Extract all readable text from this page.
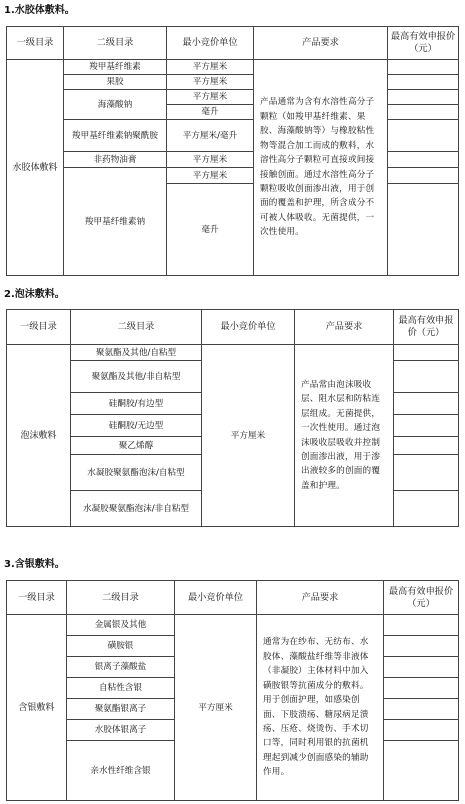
1.水胶体敷料。
一级目录	二级目录	最小竞价单位	产品要求	最高有效申报价（元）
水胶体敷料	羧甲基纤维素	平方厘米	产品通常为含有水溶性高分子颗粒（如羧甲基纤维素、果胶、海藻酸钠等）与橡胶粘性物等混合加工而成的敷料，水溶性高分子颗粒可直接或间接接触创面。通过水溶性高分子颗粒吸收创面渗出液，用于创面的覆盖和护理，所含成分不可被人体吸收。无菌提供，一次性使用。	
	果胶	平方厘米		
	海藻酸钠	平方厘米		
		毫升		
	羧甲基纤维素钠聚酰胺	平方厘米/毫升		
	非药物油膏	平方厘米		
	羧甲基纤维素钠	平方厘米		
		毫升		
2.泡沫敷料。
一级目录	二级目录	最小竞价单位	产品要求	最高有效申报价（元）
泡沫敷料	聚氨酯及其他/自粘型	平方厘米	产品常由泡沫吸收层、阻水层和防粘连层组成。无菌提供，一次性使用。通过泡沫吸收层吸收并控制创面渗出液，用于渗出液较多的创面的覆盖和护理。	
	聚氨酯及其他/非自粘型			
	硅酮胶/有边型			
	硅酮胶/无边型			
	聚乙烯醇			
	水凝胶聚氨酯泡沫/自粘型			
	水凝胶聚氨酯泡沫/非自粘型			
3.含银敷料。
一级目录	二级目录	最小竞价单位	产品要求	最高有效申报价（元）
含银敷料	金属银及其他	平方厘米	通常为在纱布、无纺布、水胶体、藻酸盐纤维等非液体（非凝胶）主体材料中加入磺胺银等抗菌成分的敷料。用于创面护理，如感染创面、下肢溃疡、糖尿病足溃疡、压疮、烧烫伤、手术切口等，同时利用银的抗菌机理起到减少创面感染的辅助作用。	
	磺胺银			
	银离子藻酸盐			
	自粘性含银			
	聚氨酯银离子			
	水胶体银离子			
	亲水性纤维含银			
